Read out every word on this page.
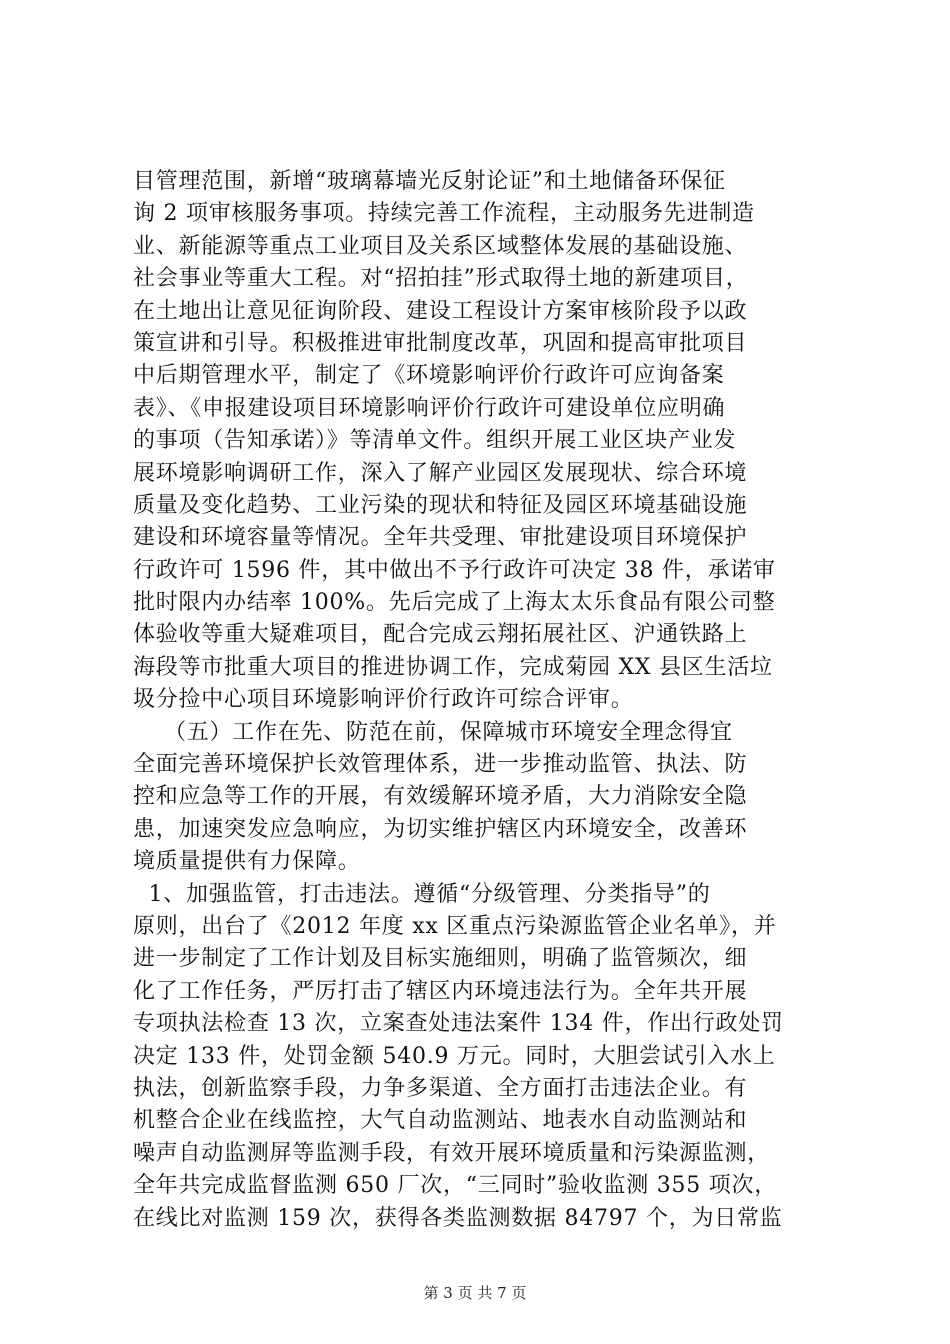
目管理范围，新增“玻璃幕墙光反射论证”和土地储备环保征
询 2 项审核服务事项。持续完善工作流程，主动服务先进制造
业、新能源等重点工业项目及关系区域整体发展的基础设施、
社会事业等重大工程。对“招拍挂”形式取得土地的新建项目，
在土地出让意见征询阶段、建设工程设计方案审核阶段予以政
策宣讲和引导。积极推进审批制度改革，巩固和提高审批项目
中后期管理水平，制定了《环境影响评价行政许可应询备案
表》、《申报建设项目环境影响评价行政许可建设单位应明确
的事项（告知承诺）》等清单文件。组织开展工业区块产业发
展环境影响调研工作，深入了解产业园区发展现状、综合环境
质量及变化趋势、工业污染的现状和特征及园区环境基础设施
建设和环境容量等情况。全年共受理、审批建设项目环境保护
行政许可 1596 件，其中做出不予行政许可决定 38 件，承诺审
批时限内办结率 100%。先后完成了上海太太乐食品有限公司整
体验收等重大疑难项目，配合完成云翔拓展社区、沪通铁路上
海段等市批重大项目的推进协调工作，完成菊园 XX 县区生活垃
圾分捡中心项目环境影响评价行政许可综合评审。
（五）工作在先、防范在前，保障城市环境安全理念得宜
全面完善环境保护长效管理体系，进一步推动监管、执法、防
控和应急等工作的开展，有效缓解环境矛盾，大力消除安全隐
患，加速突发应急响应，为切实维护辖区内环境安全，改善环
境质量提供有力保障。
1、加强监管，打击违法。遵循“分级管理、分类指导”的
原则，出台了《2012 年度 xx 区重点污染源监管企业名单》，并
进一步制定了工作计划及目标实施细则，明确了监管频次，细
化了工作任务，严厉打击了辖区内环境违法行为。全年共开展
专项执法检查 13 次，立案查处违法案件 134 件，作出行政处罚
决定 133 件，处罚金额 540.9 万元。同时，大胆尝试引入水上
执法，创新监察手段，力争多渠道、全方面打击违法企业。有
机整合企业在线监控，大气自动监测站、地表水自动监测站和
噪声自动监测屏等监测手段，有效开展环境质量和污染源监测，
全年共完成监督监测 650 厂次，“三同时”验收监测 355 项次，
在线比对监测 159 次，获得各类监测数据 84797 个，为日常监
第 3 页 共 7 页
